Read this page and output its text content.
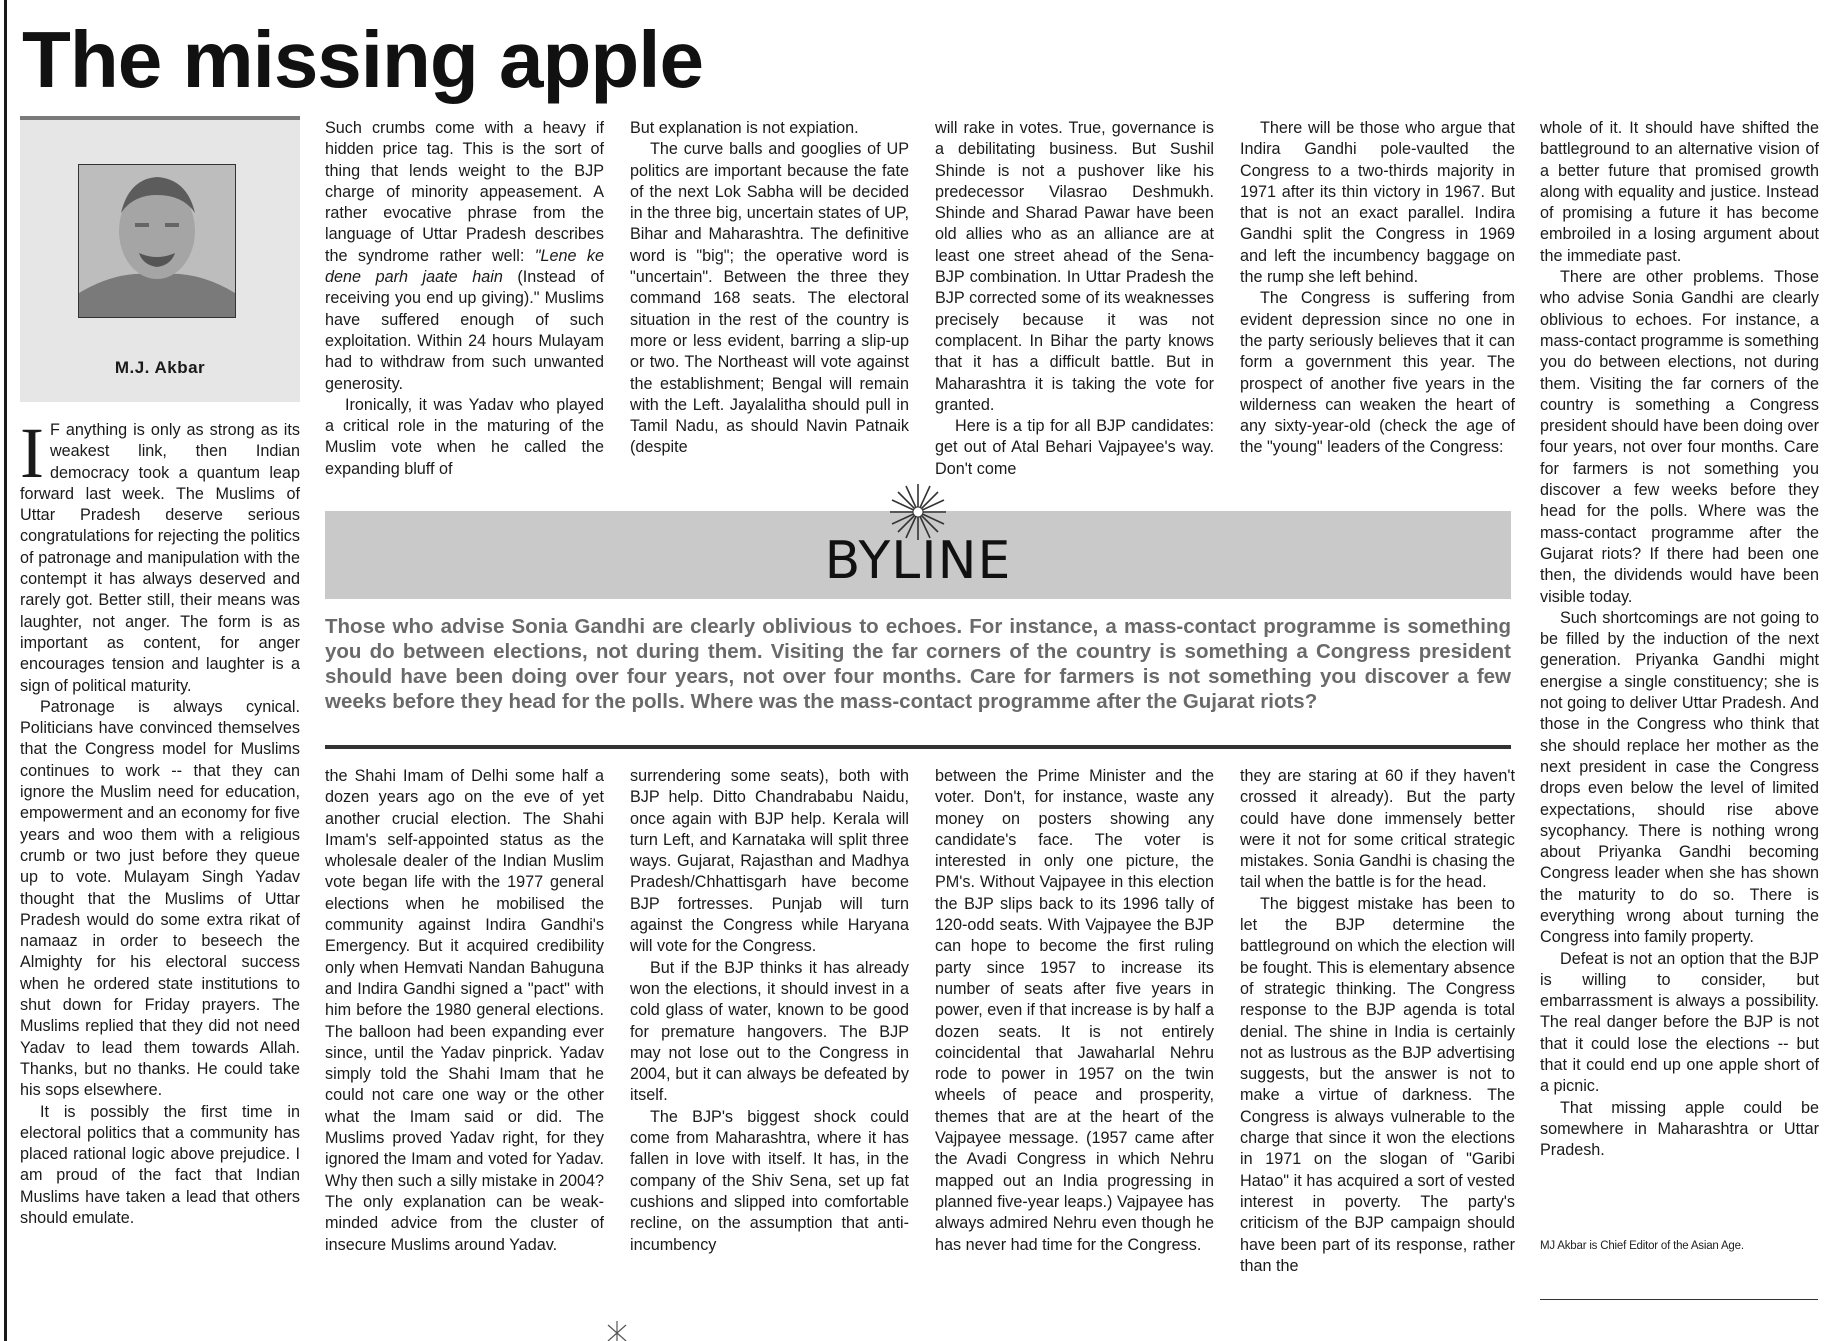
The missing apple
M.J. Akbar

I F anything is only as strong as its weakest link, then Indian democracy took a quantum leap forward last week. The Muslims of Uttar Pradesh deserve serious congratulations for rejecting the politics of patronage and manipulation with the contempt it has always deserved and rarely got. Better still, their means was laughter, not anger. The form is as important as content, for anger encourages tension and laughter is a sign of political maturity.

Patronage is always cynical. Politicians have convinced themselves that the Congress model for Muslims continues to work -- that they can ignore the Muslim need for education, empowerment and an economy for five years and woo them with a religious crumb or two just before they queue up to vote. Mulayam Singh Yadav thought that the Muslims of Uttar Pradesh would do some extra rikat of namaaz in order to beseech the Almighty for his electoral success when he ordered state institutions to shut down for Friday prayers. The Muslims replied that they did not need Yadav to lead them towards Allah. Thanks, but no thanks. He could take his sops elsewhere.

It is possibly the first time in electoral politics that a community has placed rational logic above prejudice. I am proud of the fact that Indian Muslims have taken a lead that others should emulate.

Such crumbs come with a heavy if hidden price tag. This is the sort of thing that lends weight to the BJP charge of minority appeasement. A rather evocative phrase from the language of Uttar Pradesh describes the syndrome rather well: "Lene ke dene parh jaate hain (Instead of receiving you end up giving)." Muslims have suffered enough of such exploitation. Within 24 hours Mulayam had to withdraw from such unwanted generosity.

Ironically, it was Yadav who played a critical role in the maturing of the Muslim vote when he called the expanding bluff of

But explanation is not expiation.

The curve balls and googlies of UP politics are important because the fate of the next Lok Sabha will be decided in the three big, uncertain states of UP, Bihar and Maharashtra. The definitive word is "big"; the operative word is "uncertain". Between the three they command 168 seats. The electoral situation in the rest of the country is more or less evident, barring a slip-up or two. The Northeast will vote against the establishment; Bengal will remain with the Left. Jayalalitha should pull in Tamil Nadu, as should Navin Patnaik (despite

will rake in votes. True, governance is a debilitating business. But Sushil Shinde is not a pushover like his predecessor Vilasrao Deshmukh. Shinde and Sharad Pawar have been old allies who as an alliance are at least one street ahead of the Sena-BJP combination. In Uttar Pradesh the BJP corrected some of its weaknesses precisely because it was not complacent. In Bihar the party knows that it has a difficult battle. But in Maharashtra it is taking the vote for granted.

Here is a tip for all BJP candidates: get out of Atal Behari Vajpayee's way. Don't come

There will be those who argue that Indira Gandhi pole-vaulted the Congress to a two-thirds majority in 1971 after its thin victory in 1967. But that is not an exact parallel. Indira Gandhi split the Congress in 1969 and left the incumbency baggage on the rump she left behind.

The Congress is suffering from evident depression since no one in the party seriously believes that it can form a government this year. The prospect of another five years in the wilderness can weaken the heart of any sixty-year-old (check the age of the "young" leaders of the Congress:

whole of it. It should have shifted the battleground to an alternative vision of a better future that promised growth along with equality and justice. Instead of promising a future it has become embroiled in a losing argument about the immediate past.

There are other problems. Those who advise Sonia Gandhi are clearly oblivious to echoes. For instance, a mass-contact programme is something you do between elections, not during them. Visiting the far corners of the country is something a Congress president should have been doing over four years, not over four months. Care for farmers is not something you discover a few weeks before they head for the polls. Where was the mass-contact programme after the Gujarat riots? If there had been one then, the dividends would have been visible today.

Such shortcomings are not going to be filled by the induction of the next generation. Priyanka Gandhi might energise a single constituency; she is not going to deliver Uttar Pradesh. And those in the Congress who think that she should replace her mother as the next president in case the Congress drops even below the level of limited expectations, should rise above sycophancy. There is nothing wrong about Priyanka Gandhi becoming Congress leader when she has shown the maturity to do so. There is everything wrong about turning the Congress into family property.

Defeat is not an option that the BJP is willing to consider, but embarrassment is always a possibility. The real danger before the BJP is not that it could lose the elections -- but that it could end up one apple short of a picnic.

That missing apple could be somewhere in Maharashtra or Uttar Pradesh.

BYLINE

Those who advise Sonia Gandhi are clearly oblivious to echoes. For instance, a mass-contact programme is something you do between elections, not during them. Visiting the far corners of the country is something a Congress president should have been doing over four years, not over four months. Care for farmers is not something you discover a few weeks before they head for the polls. Where was the mass-contact programme after the Gujarat riots?

the Shahi Imam of Delhi some half a dozen years ago on the eve of yet another crucial election. The Shahi Imam's self-appointed status as the wholesale dealer of the Indian Muslim vote began life with the 1977 general elections when he mobilised the community against Indira Gandhi's Emergency. But it acquired credibility only when Hemvati Nandan Bahuguna and Indira Gandhi signed a "pact" with him before the 1980 general elections. The balloon had been expanding ever since, until the Yadav pinprick. Yadav simply told the Shahi Imam that he could not care one way or the other what the Imam said or did. The Muslims proved Yadav right, for they ignored the Imam and voted for Yadav. Why then such a silly mistake in 2004? The only explanation can be weak-minded advice from the cluster of insecure Muslims around Yadav.

surrendering some seats), both with BJP help. Ditto Chandrababu Naidu, once again with BJP help. Kerala will turn Left, and Karnataka will split three ways. Gujarat, Rajasthan and Madhya Pradesh/Chhattisgarh have become BJP fortresses. Punjab will turn against the Congress while Haryana will vote for the Congress.

But if the BJP thinks it has already won the elections, it should invest in a cold glass of water, known to be good for premature hangovers. The BJP may not lose out to the Congress in 2004, but it can always be defeated by itself.

The BJP's biggest shock could come from Maharashtra, where it has fallen in love with itself. It has, in the company of the Shiv Sena, set up fat cushions and slipped into comfortable recline, on the assumption that anti-incumbency

between the Prime Minister and the voter. Don't, for instance, waste any money on posters showing any candidate's face. The voter is interested in only one picture, the PM's. Without Vajpayee in this election the BJP slips back to its 1996 tally of 120-odd seats. With Vajpayee the BJP can hope to become the first ruling party since 1957 to increase its number of seats after five years in power, even if that increase is by half a dozen seats. It is not entirely coincidental that Jawaharlal Nehru rode to power in 1957 on the twin wheels of peace and prosperity, themes that are at the heart of the Vajpayee message. (1957 came after the Avadi Congress in which Nehru mapped out an India progressing in planned five-year leaps.) Vajpayee has always admired Nehru even though he has never had time for the Congress.

they are staring at 60 if they haven't crossed it already). But the party could have done immensely better were it not for some critical strategic mistakes. Sonia Gandhi is chasing the tail when the battle is for the head.

The biggest mistake has been to let the BJP determine the battleground on which the election will be fought. This is elementary absence of strategic thinking. The Congress response to the BJP agenda is total denial. The shine in India is certainly not as lustrous as the BJP advertising suggests, but the answer is not to make a virtue of darkness. The Congress is always vulnerable to the charge that since it won the elections in 1971 on the slogan of "Garibi Hatao" it has acquired a sort of vested interest in poverty. The party's criticism of the BJP campaign should have been part of its response, rather than the

MJ Akbar is Chief Editor of the Asian Age.
